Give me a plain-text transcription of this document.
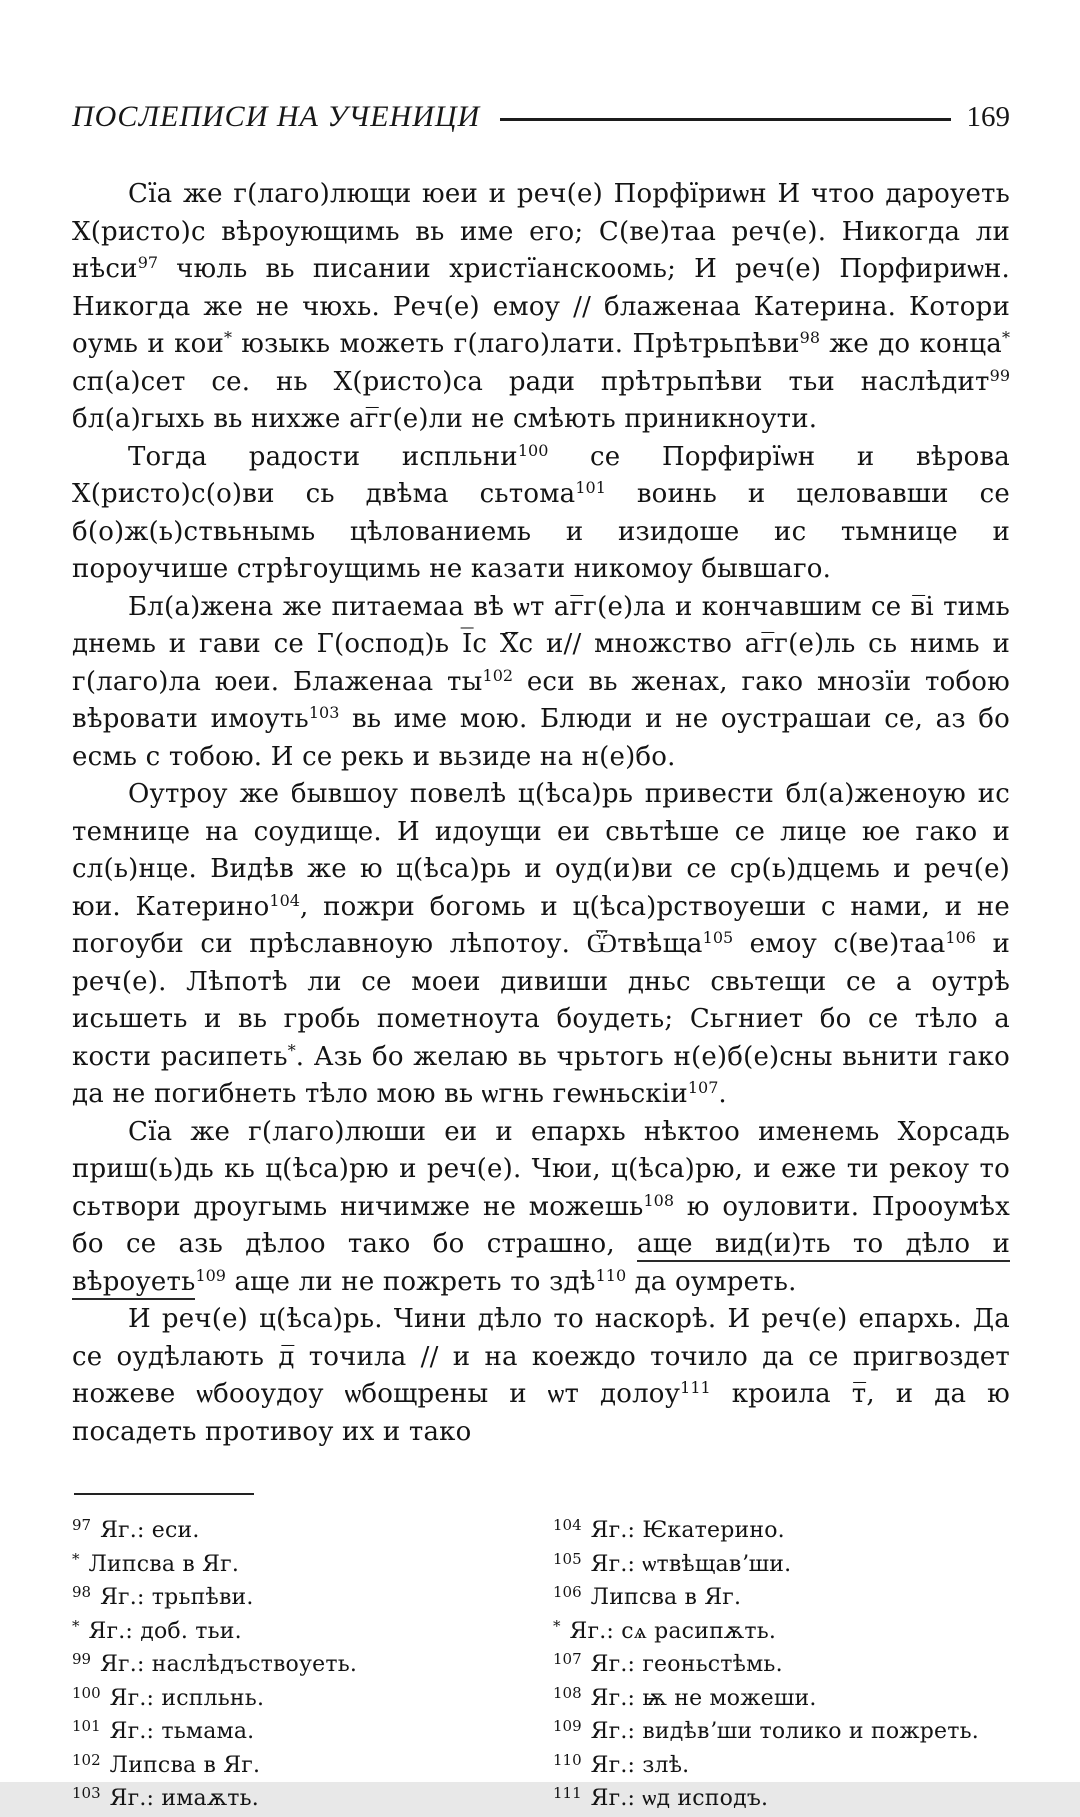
ПОСЛЕПИСИ НА УЧЕНИЦИ	169

Сїа же г(лаго)лющи юеи и реч(е) Порфїриѡн И чтоо дароуеть Х(ристо)с вѣроующимь вь име его; С(ве)таа реч(е). Никогда ли нѣси$^{97}$ чюль вь писании христїанскоомь; И реч(е) Порфириѡн. Никогда же не чюхь. Реч(е) емоу // блаженаа Катерина. Котори оумь и кои* юзыкь можеть г(лаго)лати. Прѣтрьпѣви$^{98}$ же до конца* сп(а)сет се. нь Х(ристо)са ради прѣтрьпѣви тьи наслѣдит$^{99}$ бл(а)гыхь вь нихже аг̅г(е)ли не смѣють приникноути.

Тогда радости испльни$^{100}$ се Порфирїѡн и вѣрова Х(ристо)с(о)ви сь двѣма сьтома$^{101}$ воинь и целовавши се б(о)ж(ь)ствьнымь цѣлованиемь и изидоше ис тьмнице и пороучише стрѣгоущимь не казати никомоу бывшаго.

Бл(а)жена же питаемаа вѣ ѡт аг̅г(е)ла и кончавшим се в̅і тимь днемь и гави се Г(оспод)ь І̅с Х̅с и// множство аг̅г(е)ль сь нимь и г(лаго)ла юеи. Блаженаа $ты^{102}$ еси вь женах, гако мнозїи тобою вѣровати имоуть$^{103}$ вь име мою. Блюди и не оустрашаи се, аз бо есмь с тобою. И се рекь и вьзиде на н(е)бо.

Оутроу же бывшоу повелѣ ц(ѣса)рь привести бл(а)женоую ис темнице на соудище. И идоущи еи свьтѣше се лице юе гако и сл(ь)нце. Видѣв же ю ц(ѣса)рь и оуд(и)ви се ср(ь)дцемь и реч(е) юи. Катерино$^{104}$, пожри богомь и ц(ѣса)рствоуеши с нами, и не погоуби си прѣславноую лѣпотоу. Ѿтвѣща$^{105}$ емоу с(ве)таа$^{106}$ и реч(е). Лѣпотѣ ли се моеи дивиши дньс свьтещи се а оутрѣ исьшеть и вь гробь пометноута боудеть; Сьгниет бо се тѣло а кости расипеть*. Азь бо желаю вь чрьтогь н(е)б(е)сны вьнити гако да не погибнеть тѣло мою вь ѡгнь геѡньскіи$^{107}$.

Сїа же г(лаго)люши еи и епархь нѣктоо именемь Хорсадь приш(ь)дь кь ц(ѣса)рю и реч(е). Чюи, ц(ѣса)рю, и еже ти рекоу то сьтвори дроугымь ничимже не можешь$^{108}$ ю оуловити. Прооумѣх бо се азь дѣлоо тако бо страшно, аще вид(и)ть то дѣло и вѣроуеть$^{109}$ аще ли не пожреть то здѣ$^{110}$ да оумреть.

И реч(е) ц(ѣса)рь. Чини дѣло то наскорѣ. И реч(е) епархь. Да се оудѣлають д̅ точила // и на коеждо точило да се пригвоздет ножеве ѡбооудоу ѡбощрены и ѡт долоу$^{111}$ кроила т̅, и да ю посадеть противоу их и тако

97 Яг.: еси.
* Липсва в Яг.
98 Яг.: трьпѣви.
* Яг.: доб. тьи.
99 Яг.: наслѣдъствоуеть.
100 Яг.: испльнь.
101 Яг.: тьмама.
102 Липсва в Яг.
103 Яг.: имаѫть.
104 Яг.: Ѥкатерино.
105 Яг.: ѡтвѣщавʼши.
106 Липсва в Яг.
* Яг.: сѧ расипѫть.
107 Яг.: геоньстѣмь.
108 Яг.: ѭ не можеши.
109 Яг.: видѣвʼши толико и пожреть.
110 Яг.: злѣ.
111 Яг.: ѡд исподъ.
